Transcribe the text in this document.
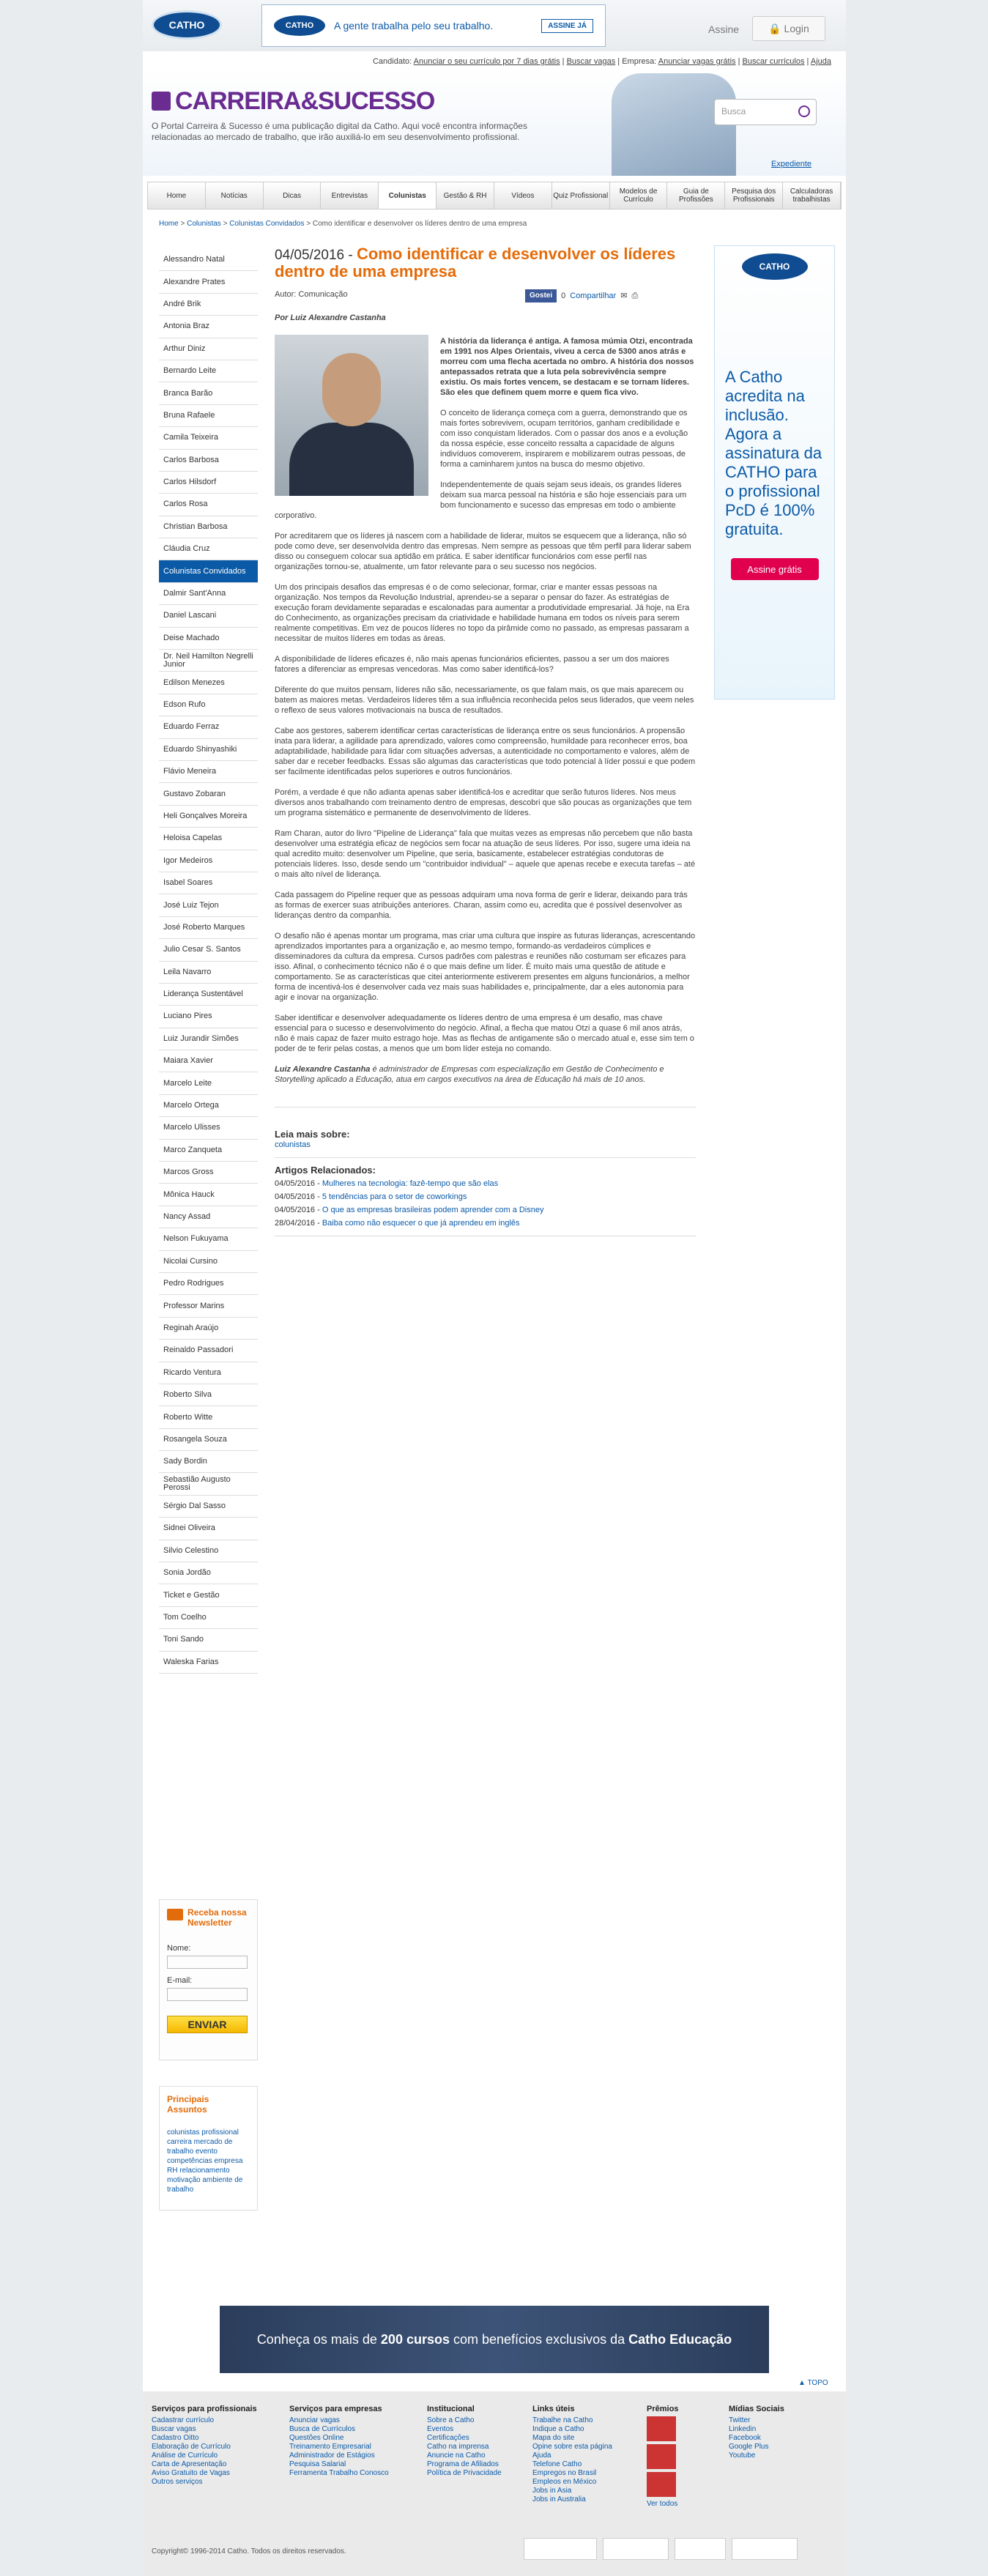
CATHO	CATHO	A gente trabalha pelo seu trabalho.	ASSINE JÁ	Assine	🔒 Login
Candidato: Anunciar o seu currículo por 7 dias grátis | Buscar vagas | Empresa: Anunciar vagas grátis | Buscar currículos | Ajuda
CARREIRA&SUCESSO
O Portal Carreira & Sucesso é uma publicação digital da Catho. Aqui você encontra informações relacionadas ao mercado de trabalho, que irão auxiliá-lo em seu desenvolvimento profissional.
Busca
Expediente
Home	Notícias	Dicas	Entrevistas	Colunistas	Gestão & RH	Vídeos	Quiz Profissional	Modelos de Currículo
Guia de Profissões
Pesquisa dos Profissionais
Calculadoras trabalhistas
Home > Colunistas > Colunistas Convidados > Como identificar e desenvolver os líderes dentro de uma empresa
Alessandro Natal
Alexandre Prates
André Brik
Antonia Braz
Arthur Diniz
Bernardo Leite
Branca Barão
Bruna Rafaele
Camila Teixeira
Carlos Barbosa
Carlos Hilsdorf
Carlos Rosa
Christian Barbosa
Cláudia Cruz
Colunistas Convidados
Dalmir Sant'Anna
Daniel Lascani
Deise Machado
Dr. Neil Hamilton Negrelli Junior
Edilson Menezes
Edson Rufo
Eduardo Ferraz
Eduardo Shinyashiki
Flávio Meneira
Gustavo Zobaran
Heli Gonçalves Moreira
Heloisa Capelas
Igor Medeiros
Isabel Soares
José Luiz Tejon
José Roberto Marques
Julio Cesar S. Santos
Leila Navarro
Liderança Sustentável
Luciano Pires
Luiz Jurandir Simões
Maiara Xavier
Marcelo Leite
Marcelo Ortega
Marcelo Ulisses
Marco Zanqueta
Marcos Gross
Mônica Hauck
Nancy Assad
Nelson Fukuyama
Nicolai Cursino
Pedro Rodrigues
Professor Marins
Reginah Araújo
Reinaldo Passadori
Ricardo Ventura
Roberto Silva
Roberto Witte
Rosangela Souza
Sady Bordin
Sebastião Augusto Perossi
Sérgio Dal Sasso
Sidnei Oliveira
Silvio Celestino
Sonia Jordão
Ticket e Gestão
Tom Coelho
Toni Sando
Waleska Farias
Receba nossa Newsletter
Nome:
E-mail:
ENVIAR
Principais Assuntos
colunistas profissional carreira mercado de trabalho evento competências empresa RH relacionamento motivação ambiente de trabalho
04/05/2016 - Como identificar e desenvolver os líderes dentro de uma empresa
Autor: Comunicação	Gostei	0 Compartilhar ✉ ⎙
Por Luiz Alexandre Castanha
A história da liderança é antiga. A famosa múmia Otzi, encontrada em 1991 nos Alpes Orientais, viveu a cerca de 5300 anos atrás e morreu com uma flecha acertada no ombro. A história dos nossos antepassados retrata que a luta pela sobrevivência sempre existiu. Os mais fortes vencem, se destacam e se tornam líderes. São eles que definem quem morre e quem fica vivo.

O conceito de liderança começa com a guerra, demonstrando que os mais fortes sobrevivem, ocupam territórios, ganham credibilidade e com isso conquistam liderados. Com o passar dos anos e a evolução da nossa espécie, esse conceito ressalta a capacidade de alguns indivíduos comoverem, inspirarem e mobilizarem outras pessoas, de forma a caminharem juntos na busca do mesmo objetivo.

Independentemente de quais sejam seus ideais, os grandes líderes deixam sua marca pessoal na história e são hoje essenciais para um bom funcionamento e sucesso das empresas em todo o ambiente corporativo.

Por acreditarem que os líderes já nascem com a habilidade de liderar, muitos se esquecem que a liderança, não só pode como deve, ser desenvolvida dentro das empresas. Nem sempre as pessoas que têm perfil para liderar sabem disso ou conseguem colocar sua aptidão em prática. E saber identificar funcionários com esse perfil nas organizações tornou-se, atualmente, um fator relevante para o seu sucesso nos negócios.

Um dos principais desafios das empresas é o de como selecionar, formar, criar e manter essas pessoas na organização. Nos tempos da Revolução Industrial, aprendeu-se a separar o pensar do fazer. As estratégias de execução foram devidamente separadas e escalonadas para aumentar a produtividade empresarial. Já hoje, na Era do Conhecimento, as organizações precisam da criatividade e habilidade humana em todos os níveis para serem realmente competitivas. Em vez de poucos líderes no topo da pirâmide como no passado, as empresas passaram a necessitar de muitos líderes em todas as áreas.

A disponibilidade de líderes eficazes é, não mais apenas funcionários eficientes, passou a ser um dos maiores fatores a diferenciar as empresas vencedoras. Mas como saber identificá-los?

Diferente do que muitos pensam, líderes não são, necessariamente, os que falam mais, os que mais aparecem ou batem as maiores metas. Verdadeiros líderes têm a sua influência reconhecida pelos seus liderados, que veem neles o reflexo de seus valores motivacionais na busca de resultados.

Cabe aos gestores, saberem identificar certas características de liderança entre os seus funcionários. A propensão inata para liderar, a agilidade para aprendizado, valores como compreensão, humildade para reconhecer erros, boa adaptabilidade, habilidade para lidar com situações adversas, a autenticidade no comportamento e valores, além de saber dar e receber feedbacks. Essas são algumas das características que todo potencial à líder possui e que podem ser facilmente identificadas pelos superiores e outros funcionários.

Porém, a verdade é que não adianta apenas saber identificá-los e acreditar que serão futuros líderes. Nos meus diversos anos trabalhando com treinamento dentro de empresas, descobri que são poucas as organizações que tem um programa sistemático e permanente de desenvolvimento de líderes.

Ram Charan, autor do livro "Pipeline de Liderança" fala que muitas vezes as empresas não percebem que não basta desenvolver uma estratégia eficaz de negócios sem focar na atuação de seus líderes. Por isso, sugere uma ideia na qual acredito muito: desenvolver um Pipeline, que seria, basicamente, estabelecer estratégias condutoras de potenciais líderes. Isso, desde sendo um "contribuidor individual" – aquele que apenas recebe e executa tarefas – até o mais alto nível de liderança.

Cada passagem do Pipeline requer que as pessoas adquiram uma nova forma de gerir e liderar, deixando para trás as formas de exercer suas atribuições anteriores. Charan, assim como eu, acredita que é possível desenvolver as lideranças dentro da companhia.

O desafio não é apenas montar um programa, mas criar uma cultura que inspire as futuras lideranças, acrescentando aprendizados importantes para a organização e, ao mesmo tempo, formando-as verdadeiros cúmplices e disseminadores da cultura da empresa. Cursos padrões com palestras e reuniões não costumam ser eficazes para isso. Afinal, o conhecimento técnico não é o que mais define um líder. É muito mais uma questão de atitude e comportamento. Se as características que citei anteriormente estiverem presentes em alguns funcionários, a melhor forma de incentivá-los é desenvolver cada vez mais suas habilidades e, principalmente, dar a eles autonomia para agir e inovar na organização.

Saber identificar e desenvolver adequadamente os líderes dentro de uma empresa é um desafio, mas chave essencial para o sucesso e desenvolvimento do negócio. Afinal, a flecha que matou Otzi a quase 6 mil anos atrás, não é mais capaz de fazer muito estrago hoje. Mas as flechas de antigamente são o mercado atual e, esse sim tem o poder de te ferir pelas costas, a menos que um bom líder esteja no comando.

Luiz Alexandre Castanha é administrador de Empresas com especialização em Gestão de Conhecimento e Storytelling aplicado a Educação, atua em cargos executivos na área de Educação há mais de 10 anos.

Leia mais sobre:
colunistas
Artigos Relacionados:
04/05/2016 - Mulheres na tecnologia: fazê-tempo que são elas
04/05/2016 - 5 tendências para o setor de coworkings
04/05/2016 - O que as empresas brasileiras podem aprender com a Disney
28/04/2016 - Baiba como não esquecer o que já aprendeu em inglês
CATHO
A Catho acredita na inclusão. Agora a assinatura da CATHO para o profissional PcD é 100% gratuita.
Assine grátis
Conheça os mais de
200 cursos
com benefícios exclusivos da
Catho Educação
▲ TOPO
Serviços para profissionais
Cadastrar currículo
Buscar vagas
Cadastro Oitto
Elaboração de Currículo
Análise de Currículo
Carta de Apresentação
Aviso Gratuito de Vagas
Outros serviços
Serviços para empresas
Anunciar vagas
Busca de Currículos
Questões Online
Treinamento Empresarial
Administrador de Estágios
Pesquisa Salarial
Ferramenta Trabalho Conosco
Institucional
Sobre a Catho
Eventos
Certificações
Catho na imprensa
Anuncie na Catho
Programa de Afiliados
Política de Privacidade
Links úteis
Trabalhe na Catho
Indique a Catho
Mapa do site
Opine sobre esta página
Ajuda
Telefone Catho
Empregos no Brasil
Empleos en México
Jobs in Asia
Jobs in Australia
Prêmios
Ver todos
Mídias Sociais
Twitter
Linkedin
Facebook
Google Plus
Youtube
Copyright© 1996-2014 Catho. Todos os direitos reservados.
